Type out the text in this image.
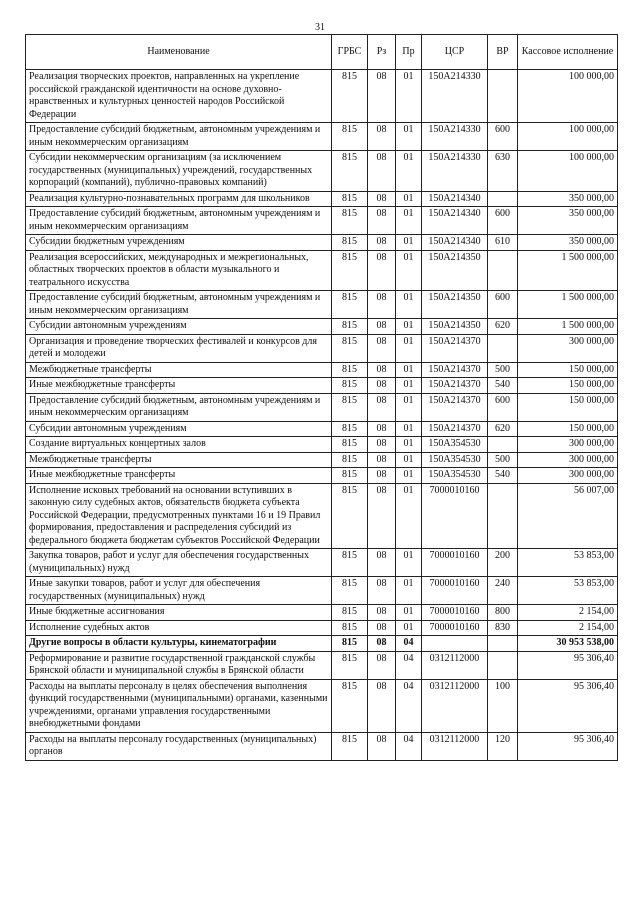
31
Наименование	ГРБС	Рз	Пр	ЦСР	ВР	Кассовое исполнение
Реализация творческих проектов, направленных на укрепление российской гражданской идентичности на основе духовно-нравственных и культурных ценностей народов Российской Федерации	815	08	01	150A214330		100 000,00
Предоставление субсидий бюджетным, автономным учреждениям и иным некоммерческим организациям	815	08	01	150A214330	600	100 000,00
Субсидии некоммерческим организациям (за исключением государственных (муниципальных) учреждений, государственных корпораций (компаний), публично-правовых компаний)	815	08	01	150A214330	630	100 000,00
Реализация культурно-познавательных программ для школьников	815	08	01	150A214340		350 000,00
Предоставление субсидий бюджетным, автономным учреждениям и иным некоммерческим организациям	815	08	01	150A214340	600	350 000,00
Субсидии бюджетным учреждениям	815	08	01	150A214340	610	350 000,00
Реализация всероссийских, международных и межрегиональных, областных творческих проектов в области музыкального и театрального искусства	815	08	01	150A214350		1 500 000,00
Предоставление субсидий бюджетным, автономным учреждениям и иным некоммерческим организациям	815	08	01	150A214350	600	1 500 000,00
Субсидии автономным учреждениям	815	08	01	150A214350	620	1 500 000,00
Организация и проведение творческих фестивалей и конкурсов для детей и молодежи	815	08	01	150A214370		300 000,00
Межбюджетные трансферты	815	08	01	150A214370	500	150 000,00
Иные межбюджетные трансферты	815	08	01	150A214370	540	150 000,00
Предоставление субсидий бюджетным, автономным учреждениям и иным некоммерческим организациям	815	08	01	150A214370	600	150 000,00
Субсидии автономным учреждениям	815	08	01	150A214370	620	150 000,00
Создание виртуальных концертных залов	815	08	01	150A354530		300 000,00
Межбюджетные трансферты	815	08	01	150A354530	500	300 000,00
Иные межбюджетные трансферты	815	08	01	150A354530	540	300 000,00
Исполнение исковых требований на основании вступивших в законную силу судебных актов, обязательств бюджета субъекта Российской Федерации, предусмотренных пунктами 16 и 19 Правил формирования, предоставления и распределения субсидий из федерального бюджета бюджетам субъектов Российской Федерации	815	08	01	7000010160		56 007,00
Закупка товаров, работ и услуг для обеспечения государственных (муниципальных) нужд	815	08	01	7000010160	200	53 853,00
Иные закупки товаров, работ и услуг для обеспечения государственных (муниципальных) нужд	815	08	01	7000010160	240	53 853,00
Иные бюджетные ассигнования	815	08	01	7000010160	800	2 154,00
Исполнение судебных актов	815	08	01	7000010160	830	2 154,00
Другие вопросы в области культуры, кинематографии	815	08	04			30 953 538,00
Реформирование и развитие государственной гражданской службы Брянской области и муниципальной службы в Брянской области	815	08	04	0312112000		95 306,40
Расходы на выплаты персоналу в целях обеспечения выполнения функций государственными (муниципальными) органами, казенными учреждениями, органами управления государственными внебюджетными фондами	815	08	04	0312112000	100	95 306,40
Расходы на выплаты персоналу государственных (муниципальных) органов	815	08	04	0312112000	120	95 306,40
